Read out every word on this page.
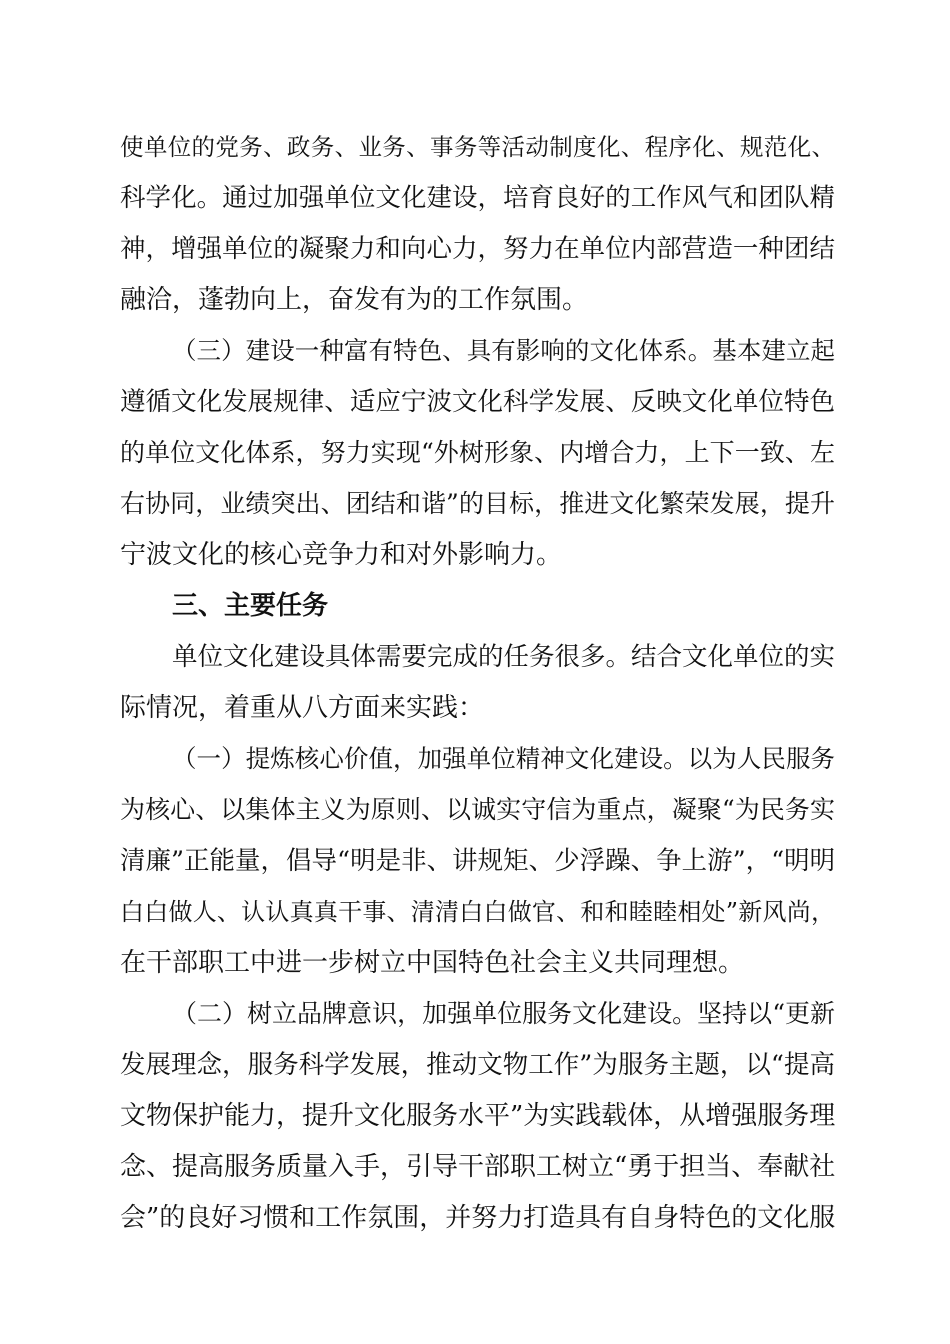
使单位的党务、政务、业务、事务等活动制度化、程序化、规范化、
科学化。通过加强单位文化建设，培育良好的工作风气和团队精
神，增强单位的凝聚力和向心力，努力在单位内部营造一种团结
融洽，蓬勃向上，奋发有为的工作氛围。
（三）建设一种富有特色、具有影响的文化体系。基本建立起
遵循文化发展规律、适应宁波文化科学发展、反映文化单位特色
的单位文化体系，努力实现“外树形象、内增合力，上下一致、左
右协同，业绩突出、团结和谐”的目标，推进文化繁荣发展，提升
宁波文化的核心竞争力和对外影响力。
三、主要任务
单位文化建设具体需要完成的任务很多。结合文化单位的实
际情况，着重从八方面来实践：
（一）提炼核心价值，加强单位精神文化建设。以为人民服务
为核心、以集体主义为原则、以诚实守信为重点，凝聚“为民务实
清廉”正能量，倡导“明是非、讲规矩、少浮躁、争上游”，“明明
白白做人、认认真真干事、清清白白做官、和和睦睦相处”新风尚，
在干部职工中进一步树立中国特色社会主义共同理想。
（二）树立品牌意识，加强单位服务文化建设。坚持以“更新
发展理念，服务科学发展，推动文物工作”为服务主题，以“提高
文物保护能力，提升文化服务水平”为实践载体，从增强服务理
念、提高服务质量入手，引导干部职工树立“勇于担当、奉献社
会”的良好习惯和工作氛围，并努力打造具有自身特色的文化服
